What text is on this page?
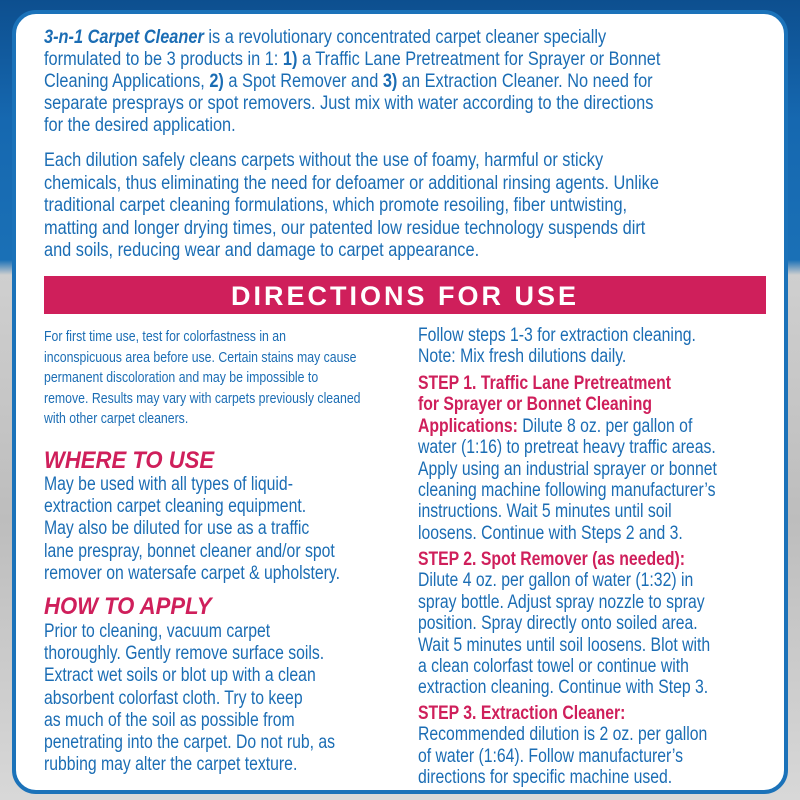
3-n-1 Carpet Cleaner is a revolutionary concentrated carpet cleaner specially
formulated to be 3 products in 1: 1) a Traffic Lane Pretreatment for Sprayer or Bonnet
Cleaning Applications, 2) a Spot Remover and 3) an Extraction Cleaner. No need for
separate presprays or spot removers. Just mix with water according to the directions
for the desired application.
Each dilution safely cleans carpets without the use of foamy, harmful or sticky
chemicals, thus eliminating the need for defoamer or additional rinsing agents. Unlike
traditional carpet cleaning formulations, which promote resoiling, fiber untwisting,
matting and longer drying times, our patented low residue technology suspends dirt
and soils, reducing wear and damage to carpet appearance.
DIRECTIONS FOR USE
For first time use, test for colorfastness in an
inconspicuous area before use. Certain stains may cause
permanent discoloration and may be impossible to
remove. Results may vary with carpets previously cleaned
with other carpet cleaners.
WHERE TO USE
May be used with all types of liquid-
extraction carpet cleaning equipment.
May also be diluted for use as a traffic
lane prespray, bonnet cleaner and/or spot
remover on watersafe carpet & upholstery.
HOW TO APPLY
Prior to cleaning, vacuum carpet
thoroughly. Gently remove surface soils.
Extract wet soils or blot up with a clean
absorbent colorfast cloth. Try to keep
as much of the soil as possible from
penetrating into the carpet. Do not rub, as
rubbing may alter the carpet texture.
Follow steps 1-3 for extraction cleaning.
Note: Mix fresh dilutions daily.
STEP 1. Traffic Lane Pretreatment
for Sprayer or Bonnet Cleaning
Applications: Dilute 8 oz. per gallon of
water (1:16) to pretreat heavy traffic areas.
Apply using an industrial sprayer or bonnet
cleaning machine following manufacturer’s
instructions. Wait 5 minutes until soil
loosens. Continue with Steps 2 and 3.
STEP 2. Spot Remover (as needed):
Dilute 4 oz. per gallon of water (1:32) in
spray bottle. Adjust spray nozzle to spray
position. Spray directly onto soiled area.
Wait 5 minutes until soil loosens. Blot with
a clean colorfast towel or continue with
extraction cleaning. Continue with Step 3.
STEP 3. Extraction Cleaner:
Recommended dilution is 2 oz. per gallon
of water (1:64). Follow manufacturer’s
directions for specific machine used.
